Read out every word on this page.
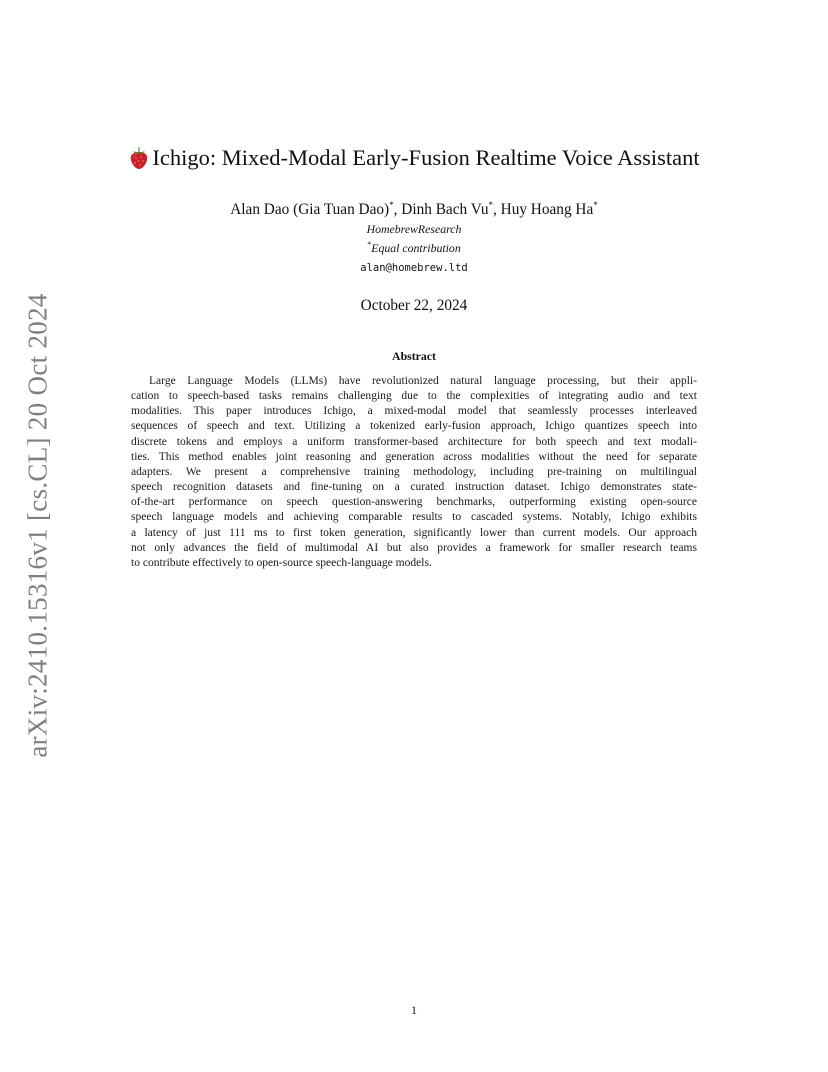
arXiv:2410.15316v1 [cs.CL] 20 Oct 2024
Ichigo: Mixed-Modal Early-Fusion Realtime Voice Assistant
Alan Dao (Gia Tuan Dao)*, Dinh Bach Vu*, Huy Hoang Ha*
HomebrewResearch
*Equal contribution
alan@homebrew.ltd
October 22, 2024
Abstract
Large Language Models (LLMs) have revolutionized natural language processing, but their appli-
cation to speech-based tasks remains challenging due to the complexities of integrating audio and text
modalities. This paper introduces Ichigo, a mixed-modal model that seamlessly processes interleaved
sequences of speech and text. Utilizing a tokenized early-fusion approach, Ichigo quantizes speech into
discrete tokens and employs a uniform transformer-based architecture for both speech and text modali-
ties. This method enables joint reasoning and generation across modalities without the need for separate
adapters. We present a comprehensive training methodology, including pre-training on multilingual
speech recognition datasets and fine-tuning on a curated instruction dataset. Ichigo demonstrates state-
of-the-art performance on speech question-answering benchmarks, outperforming existing open-source
speech language models and achieving comparable results to cascaded systems. Notably, Ichigo exhibits
a latency of just 111 ms to first token generation, significantly lower than current models. Our approach
not only advances the field of multimodal AI but also provides a framework for smaller research teams
to contribute effectively to open-source speech-language models.
1
